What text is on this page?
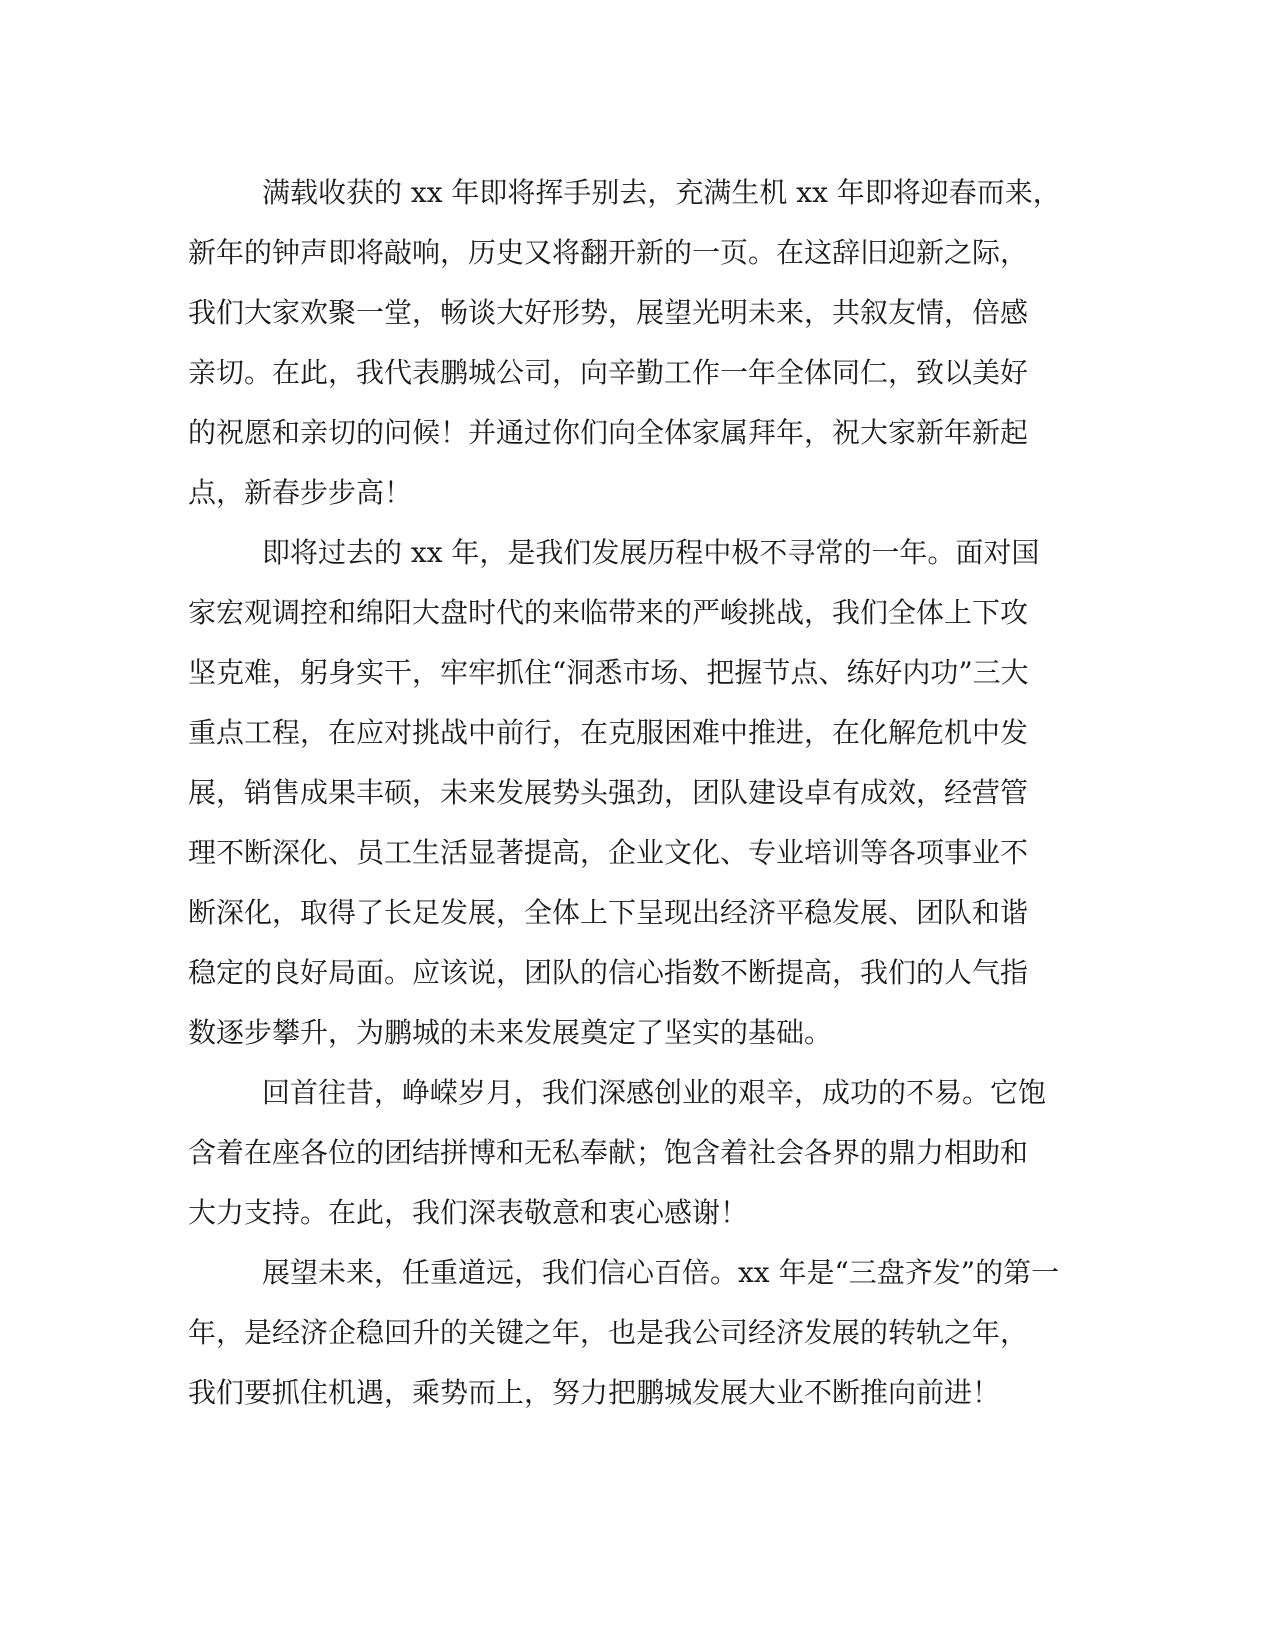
满载收获的 xx 年即将挥手别去，充满生机 xx 年即将迎春而来，
新年的钟声即将敲响，历史又将翻开新的一页。在这辞旧迎新之际，
我们大家欢聚一堂，畅谈大好形势，展望光明未来，共叙友情，倍感
亲切。在此，我代表鹏城公司，向辛勤工作一年全体同仁，致以美好
的祝愿和亲切的问候！并通过你们向全体家属拜年，祝大家新年新起
点，新春步步高！
即将过去的 xx 年，是我们发展历程中极不寻常的一年。面对国
家宏观调控和绵阳大盘时代的来临带来的严峻挑战，我们全体上下攻
坚克难，躬身实干，牢牢抓住“洞悉市场、把握节点、练好内功”三大
重点工程，在应对挑战中前行，在克服困难中推进，在化解危机中发
展，销售成果丰硕，未来发展势头强劲，团队建设卓有成效，经营管
理不断深化、员工生活显著提高，企业文化、专业培训等各项事业不
断深化，取得了长足发展，全体上下呈现出经济平稳发展、团队和谐
稳定的良好局面。应该说，团队的信心指数不断提高，我们的人气指
数逐步攀升，为鹏城的未来发展奠定了坚实的基础。
回首往昔，峥嵘岁月，我们深感创业的艰辛，成功的不易。它饱
含着在座各位的团结拼博和无私奉献；饱含着社会各界的鼎力相助和
大力支持。在此，我们深表敬意和衷心感谢！
展望未来，任重道远，我们信心百倍。xx 年是“三盘齐发”的第一
年，是经济企稳回升的关键之年，也是我公司经济发展的转轨之年，
我们要抓住机遇，乘势而上，努力把鹏城发展大业不断推向前进！
